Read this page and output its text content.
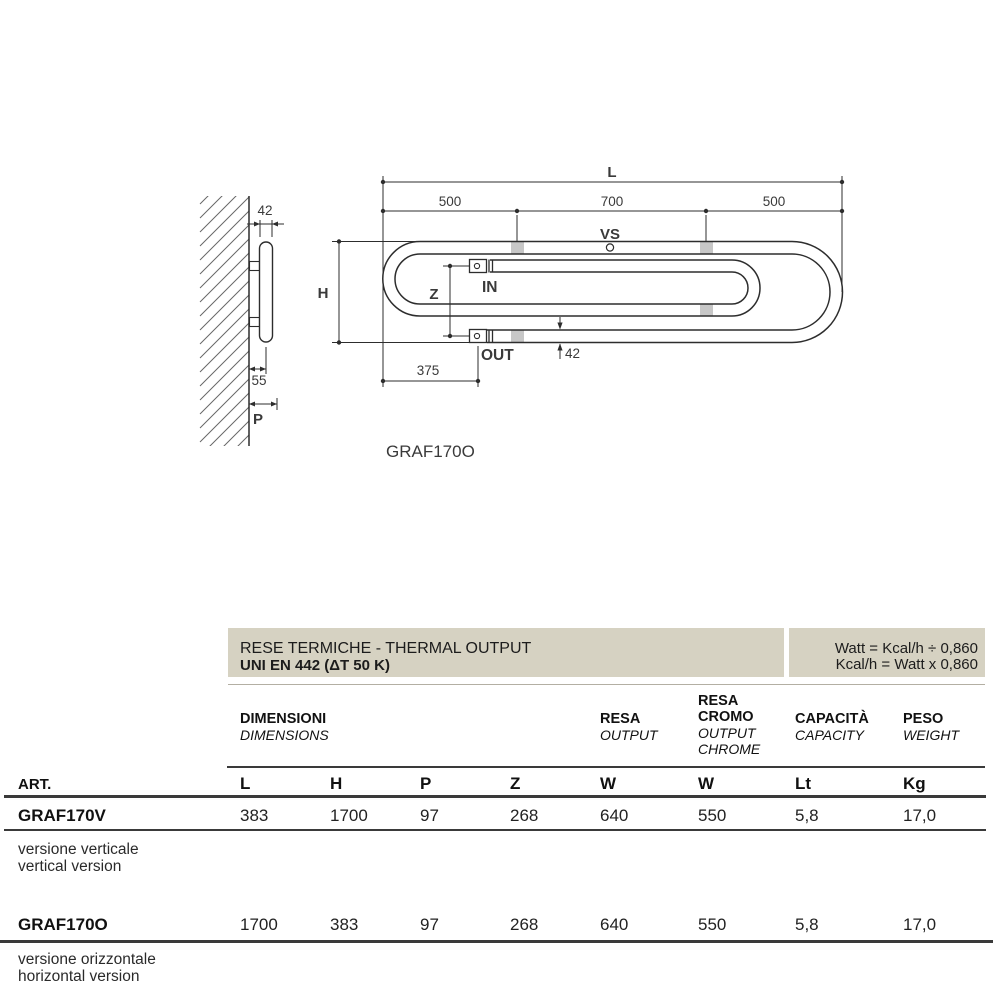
42
55
P
L
500	700	500
VS
H	Z	IN
OUT	42
375
GRAF170O
RESE TERMICHE - THERMAL OUTPUT
UNI EN 442 (ΔT 50 K)
Watt = Kcal/h ÷ 0,860
Kcal/h = Watt x 0,860
DIMENSIONI
DIMENSIONS
RESA
OUTPUT
RESA
CROMO
OUTPUT
CHROME
CAPACITÀ
CAPACITY
PESO
WEIGHT
ART.	L	H	P	Z	W	W	Lt	Kg
GRAF170V	383	1700	97	268	640	550	5,8	17,0
versione verticale
vertical version
GRAF170O	1700	383	97	268	640	550	5,8	17,0
versione orizzontale
horizontal version
